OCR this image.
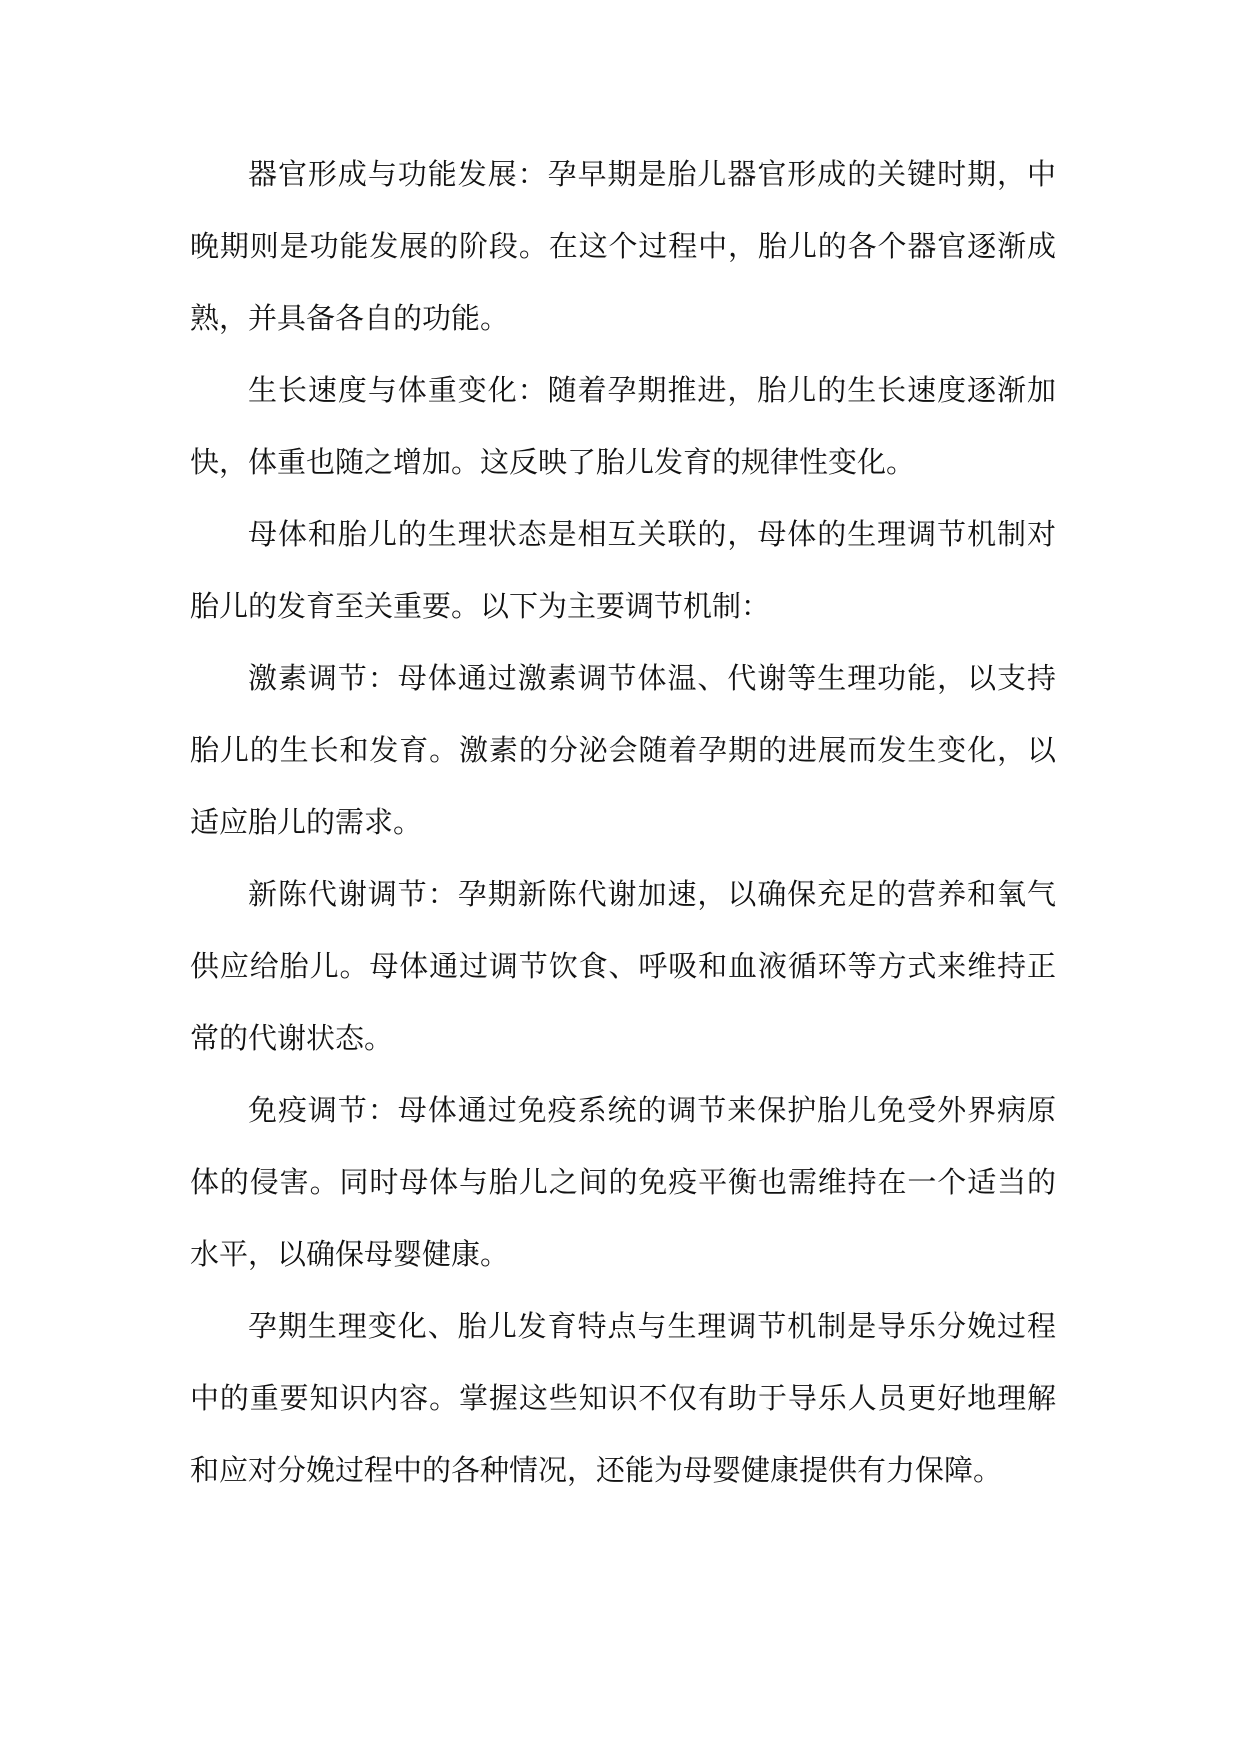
器官形成与功能发展：孕早期是胎儿器官形成的关键时期，中晚期则是功能发展的阶段。在这个过程中，胎儿的各个器官逐渐成熟，并具备各自的功能。

生长速度与体重变化：随着孕期推进，胎儿的生长速度逐渐加快，体重也随之增加。这反映了胎儿发育的规律性变化。

母体和胎儿的生理状态是相互关联的，母体的生理调节机制对胎儿的发育至关重要。以下为主要调节机制：

激素调节：母体通过激素调节体温、代谢等生理功能，以支持胎儿的生长和发育。激素的分泌会随着孕期的进展而发生变化，以适应胎儿的需求。

新陈代谢调节：孕期新陈代谢加速，以确保充足的营养和氧气供应给胎儿。母体通过调节饮食、呼吸和血液循环等方式来维持正常的代谢状态。

免疫调节：母体通过免疫系统的调节来保护胎儿免受外界病原体的侵害。同时母体与胎儿之间的免疫平衡也需维持在一个适当的水平，以确保母婴健康。

孕期生理变化、胎儿发育特点与生理调节机制是导乐分娩过程中的重要知识内容。掌握这些知识不仅有助于导乐人员更好地理解和应对分娩过程中的各种情况，还能为母婴健康提供有力保障。
